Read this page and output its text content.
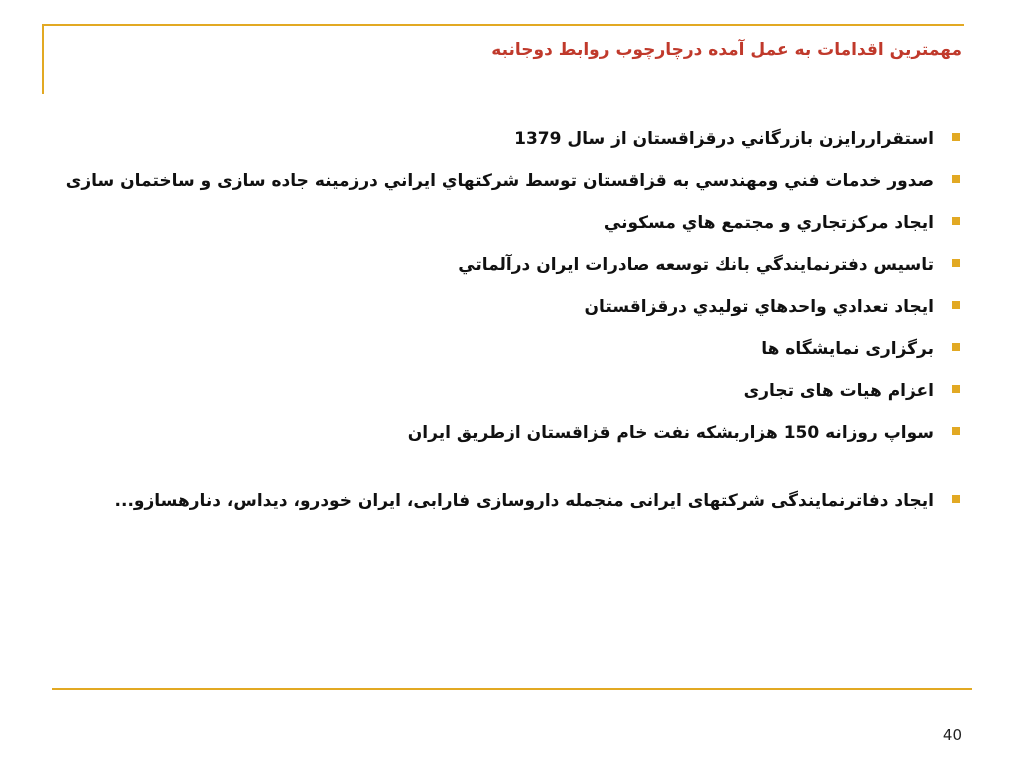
مهمترين اقدامات به عمل آمده درچارچوب روابط دوجانبه
استقراررايزن بازرگاني درقزاقستان از سال 1379
صدور خدمات فني ومهندسي به قزاقستان توسط شركتهاي ايراني درزمينه جاده سازی و ساختمان سازی
ايجاد مركزتجاري و مجتمع هاي مسكوني
تاسيس دفترنمايندگي بانك توسعه صادرات ايران درآلماتي
ايجاد تعدادي واحدهاي توليدي درقزاقستان
برگزاری نمایشگاه ها
اعزام هیات های تجاری
سواپ روزانه 150 هزاربشكه نفت خام قزاقستان ازطريق ايران
ایجاد دفاترنمایندگی شرکتهای ایرانی منجمله داروسازی فارابی، ایران خودرو، دیداس، دنارهسازو...
40
